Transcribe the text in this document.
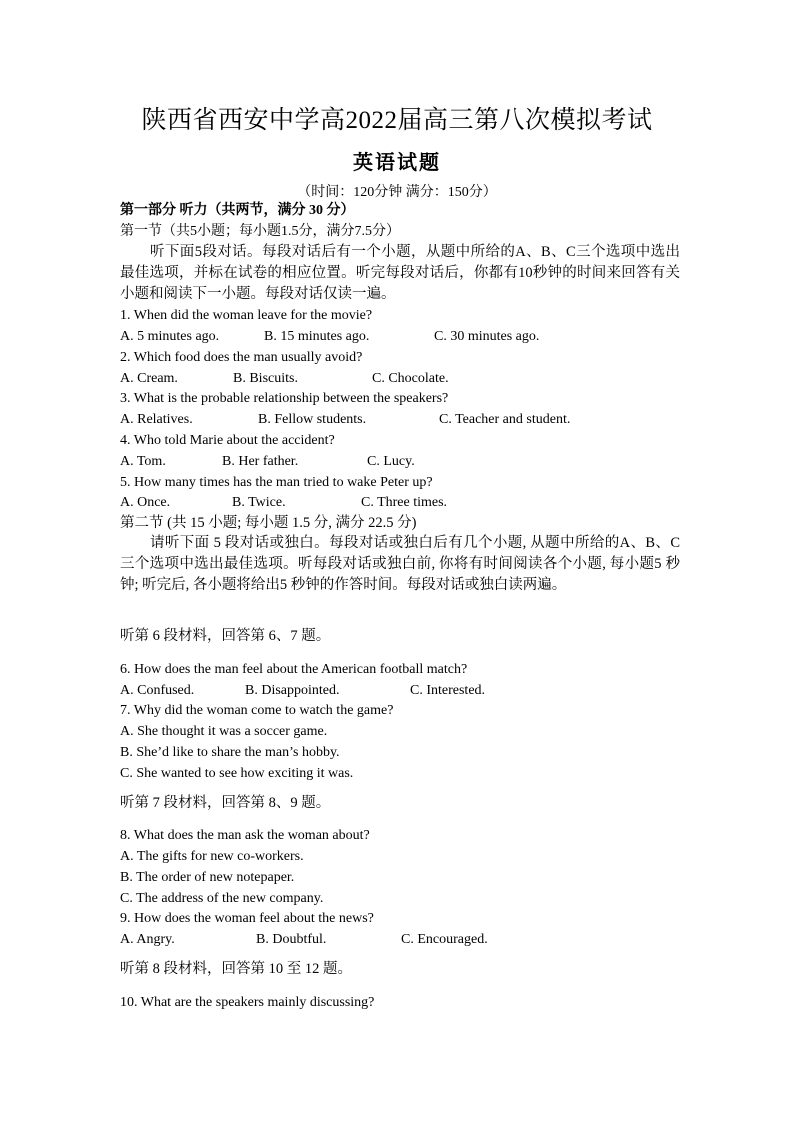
陕西省西安中学高2022届高三第八次模拟考试
英语试题
（时间：120分钟 满分：150分）
第一部分 听力（共两节，满分 30 分）
第一节（共5小题；每小题1.5分，满分7.5分）
听下面5段对话。每段对话后有一个小题，从题中所给的A、B、C三个选项中选出最佳选项，并标在试卷的相应位置。听完每段对话后，你都有10秒钟的时间来回答有关小题和阅读下一小题。每段对话仅读一遍。
1. When did the woman leave for the movie?
A. 5 minutes ago.	B. 15 minutes ago.	C. 30 minutes ago.
2. Which food does the man usually avoid?
A. Cream.	B. Biscuits.	C. Chocolate.
3. What is the probable relationship between the speakers?
A. Relatives.	B. Fellow students.	C. Teacher and student.
4. Who told Marie about the accident?
A. Tom.	B. Her father.	C. Lucy.
5. How many times has the man tried to wake Peter up?
A. Once.	B. Twice.	C. Three times.
第二节 (共 15 小题; 每小题 1.5 分, 满分 22.5 分)
请听下面 5 段对话或独白。每段对话或独白后有几个小题, 从题中所给的A、B、C 三个选项中选出最佳选项。听每段对话或独白前, 你将有时间阅读各个小题, 每小题5 秒钟; 听完后, 各小题将给出5 秒钟的作答时间。每段对话或独白读两遍。
听第 6 段材料，回答第 6、7 题。
6. How does the man feel about the American football match?
A. Confused.	B. Disappointed.	C. Interested.
7. Why did the woman come to watch the game?
A. She thought it was a soccer game.
B. She’d like to share the man’s hobby.
C. She wanted to see how exciting it was.
听第 7 段材料，回答第 8、9 题。
8. What does the man ask the woman about?
A. The gifts for new co-workers.
B. The order of new notepaper.
C. The address of the new company.
9. How does the woman feel about the news?
A. Angry.	B. Doubtful.	C. Encouraged.
听第 8 段材料，回答第 10 至 12 题。
10. What are the speakers mainly discussing?
